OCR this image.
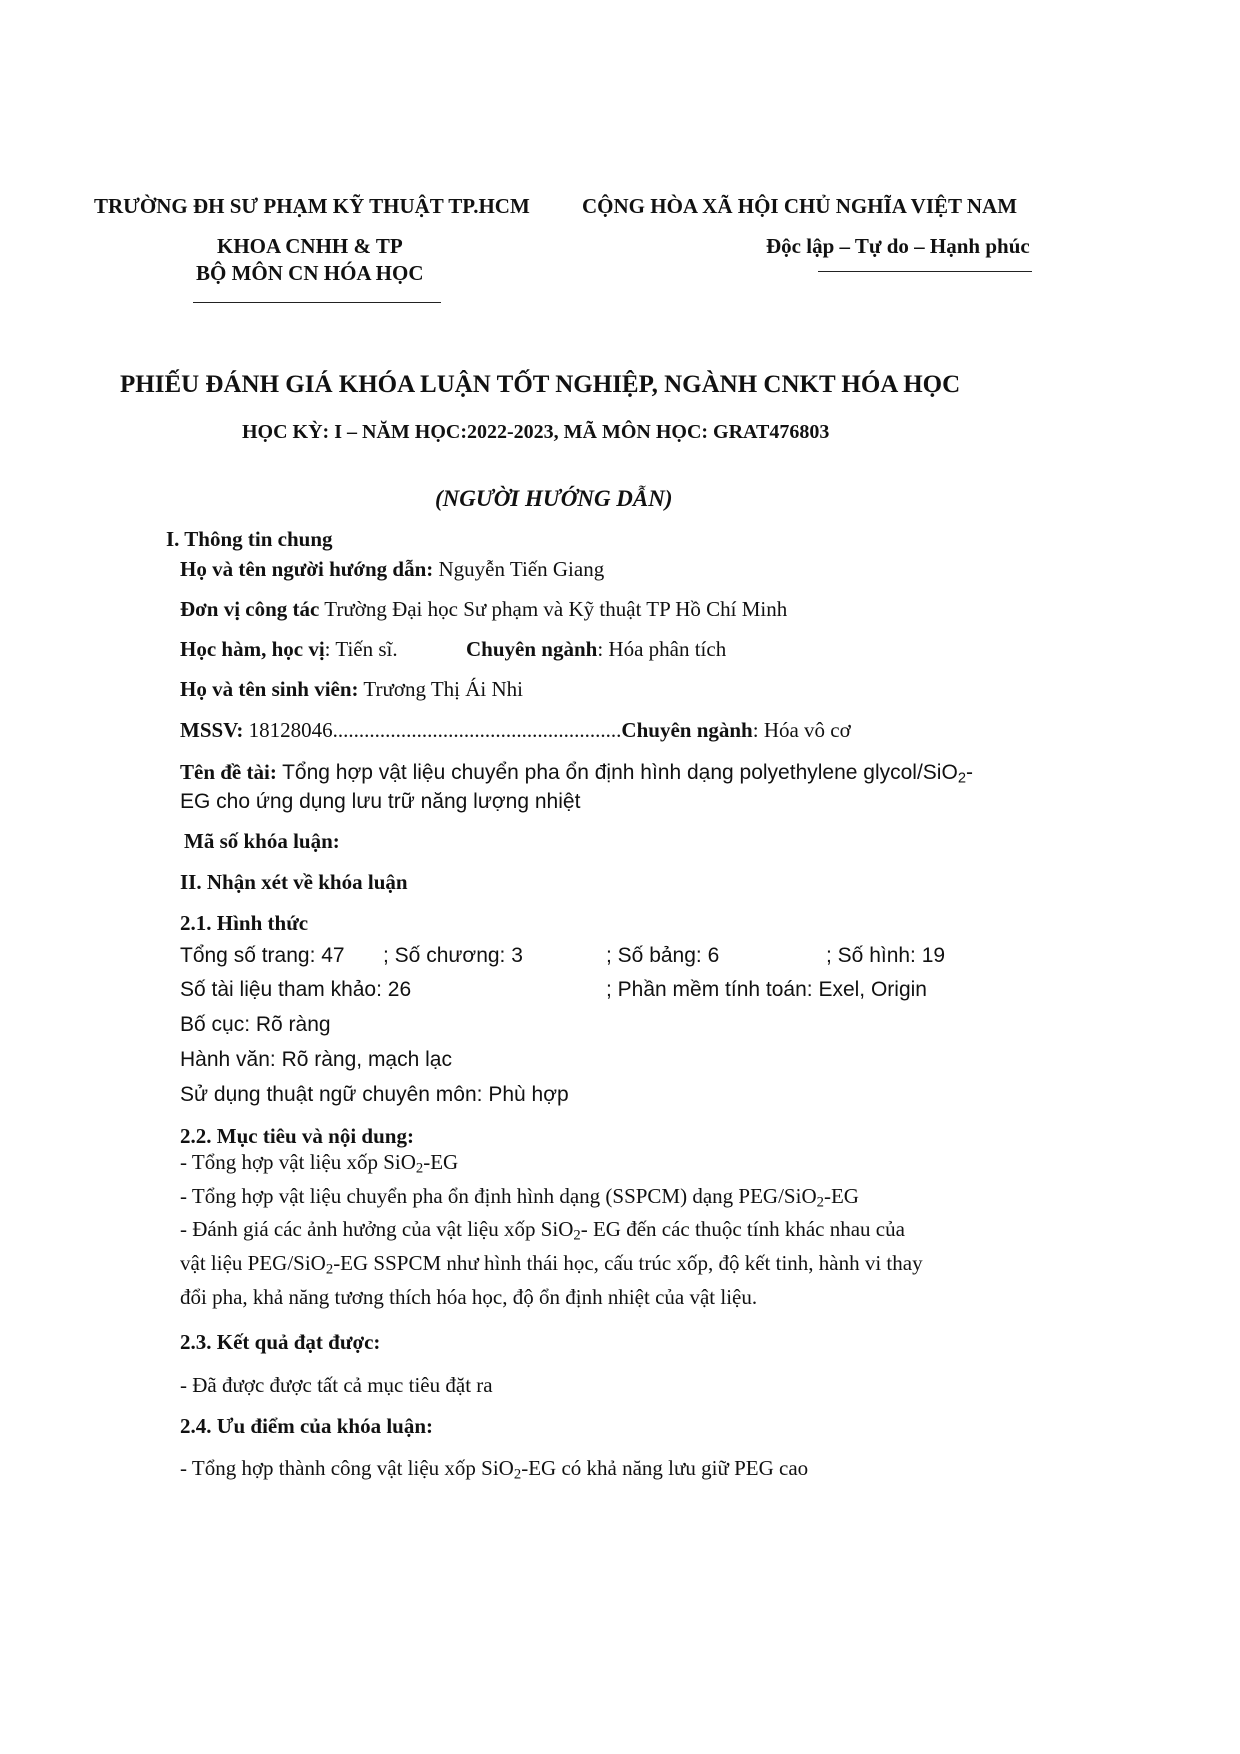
TRƯỜNG ĐH SƯ PHẠM KỸ THUẬT TP.HCM CỘNG HÒA XÃ HỘI CHỦ NGHĨA VIỆT NAM
KHOA CNHH & TP	Độc lập – Tự do – Hạnh phúc
BỘ MÔN CN HÓA HỌC
PHIẾU ĐÁNH GIÁ KHÓA LUẬN TỐT NGHIỆP, NGÀNH CNKT HÓA HỌC
HỌC KỲ: I – NĂM HỌC:2022-2023, MÃ MÔN HỌC: GRAT476803
(NGƯỜI HƯỚNG DẪN)
I. Thông tin chung
Họ và tên người hướng dẫn: Nguyễn Tiến Giang
Đơn vị công tác Trường Đại học Sư phạm và Kỹ thuật TP Hồ Chí Minh
Học hàm, học vị: Tiến sĩ.	Chuyên ngành: Hóa phân tích
Họ và tên sinh viên: Trương Thị Ái Nhi
MSSV: 18128046.......................................................Chuyên ngành: Hóa vô cơ
Tên đề tài: Tổng hợp vật liệu chuyển pha ổn định hình dạng polyethylene glycol/SiO$_2$-
EG cho ứng dụng lưu trữ năng lượng nhiệt
Mã số khóa luận:
II. Nhận xét về khóa luận
2.1. Hình thức
Tổng số trang: 47 ; Số chương: 3	; Số bảng: 6	; Số hình: 19
Số tài liệu tham khảo: 26	; Phần mềm tính toán: Exel, Origin
Bố cục: Rõ ràng
Hành văn: Rõ ràng, mạch lạc
Sử dụng thuật ngữ chuyên môn: Phù hợp
2.2. Mục tiêu và nội dung:
- Tổng hợp vật liệu xốp SiO$_2$-EG
- Tổng hợp vật liệu chuyển pha ổn định hình dạng (SSPCM) dạng PEG/SiO$_2$-EG
- Đánh giá các ảnh hưởng của vật liệu xốp SiO$_2$- EG đến các thuộc tính khác nhau của
vật liệu PEG/SiO$_2$-EG SSPCM như hình thái học, cấu trúc xốp, độ kết tinh, hành vi thay
đổi pha, khả năng tương thích hóa học, độ ổn định nhiệt của vật liệu.
2.3. Kết quả đạt được:
- Đã được được tất cả mục tiêu đặt ra
2.4. Ưu điểm của khóa luận:
- Tổng hợp thành công vật liệu xốp SiO$_2$-EG có khả năng lưu giữ PEG cao
